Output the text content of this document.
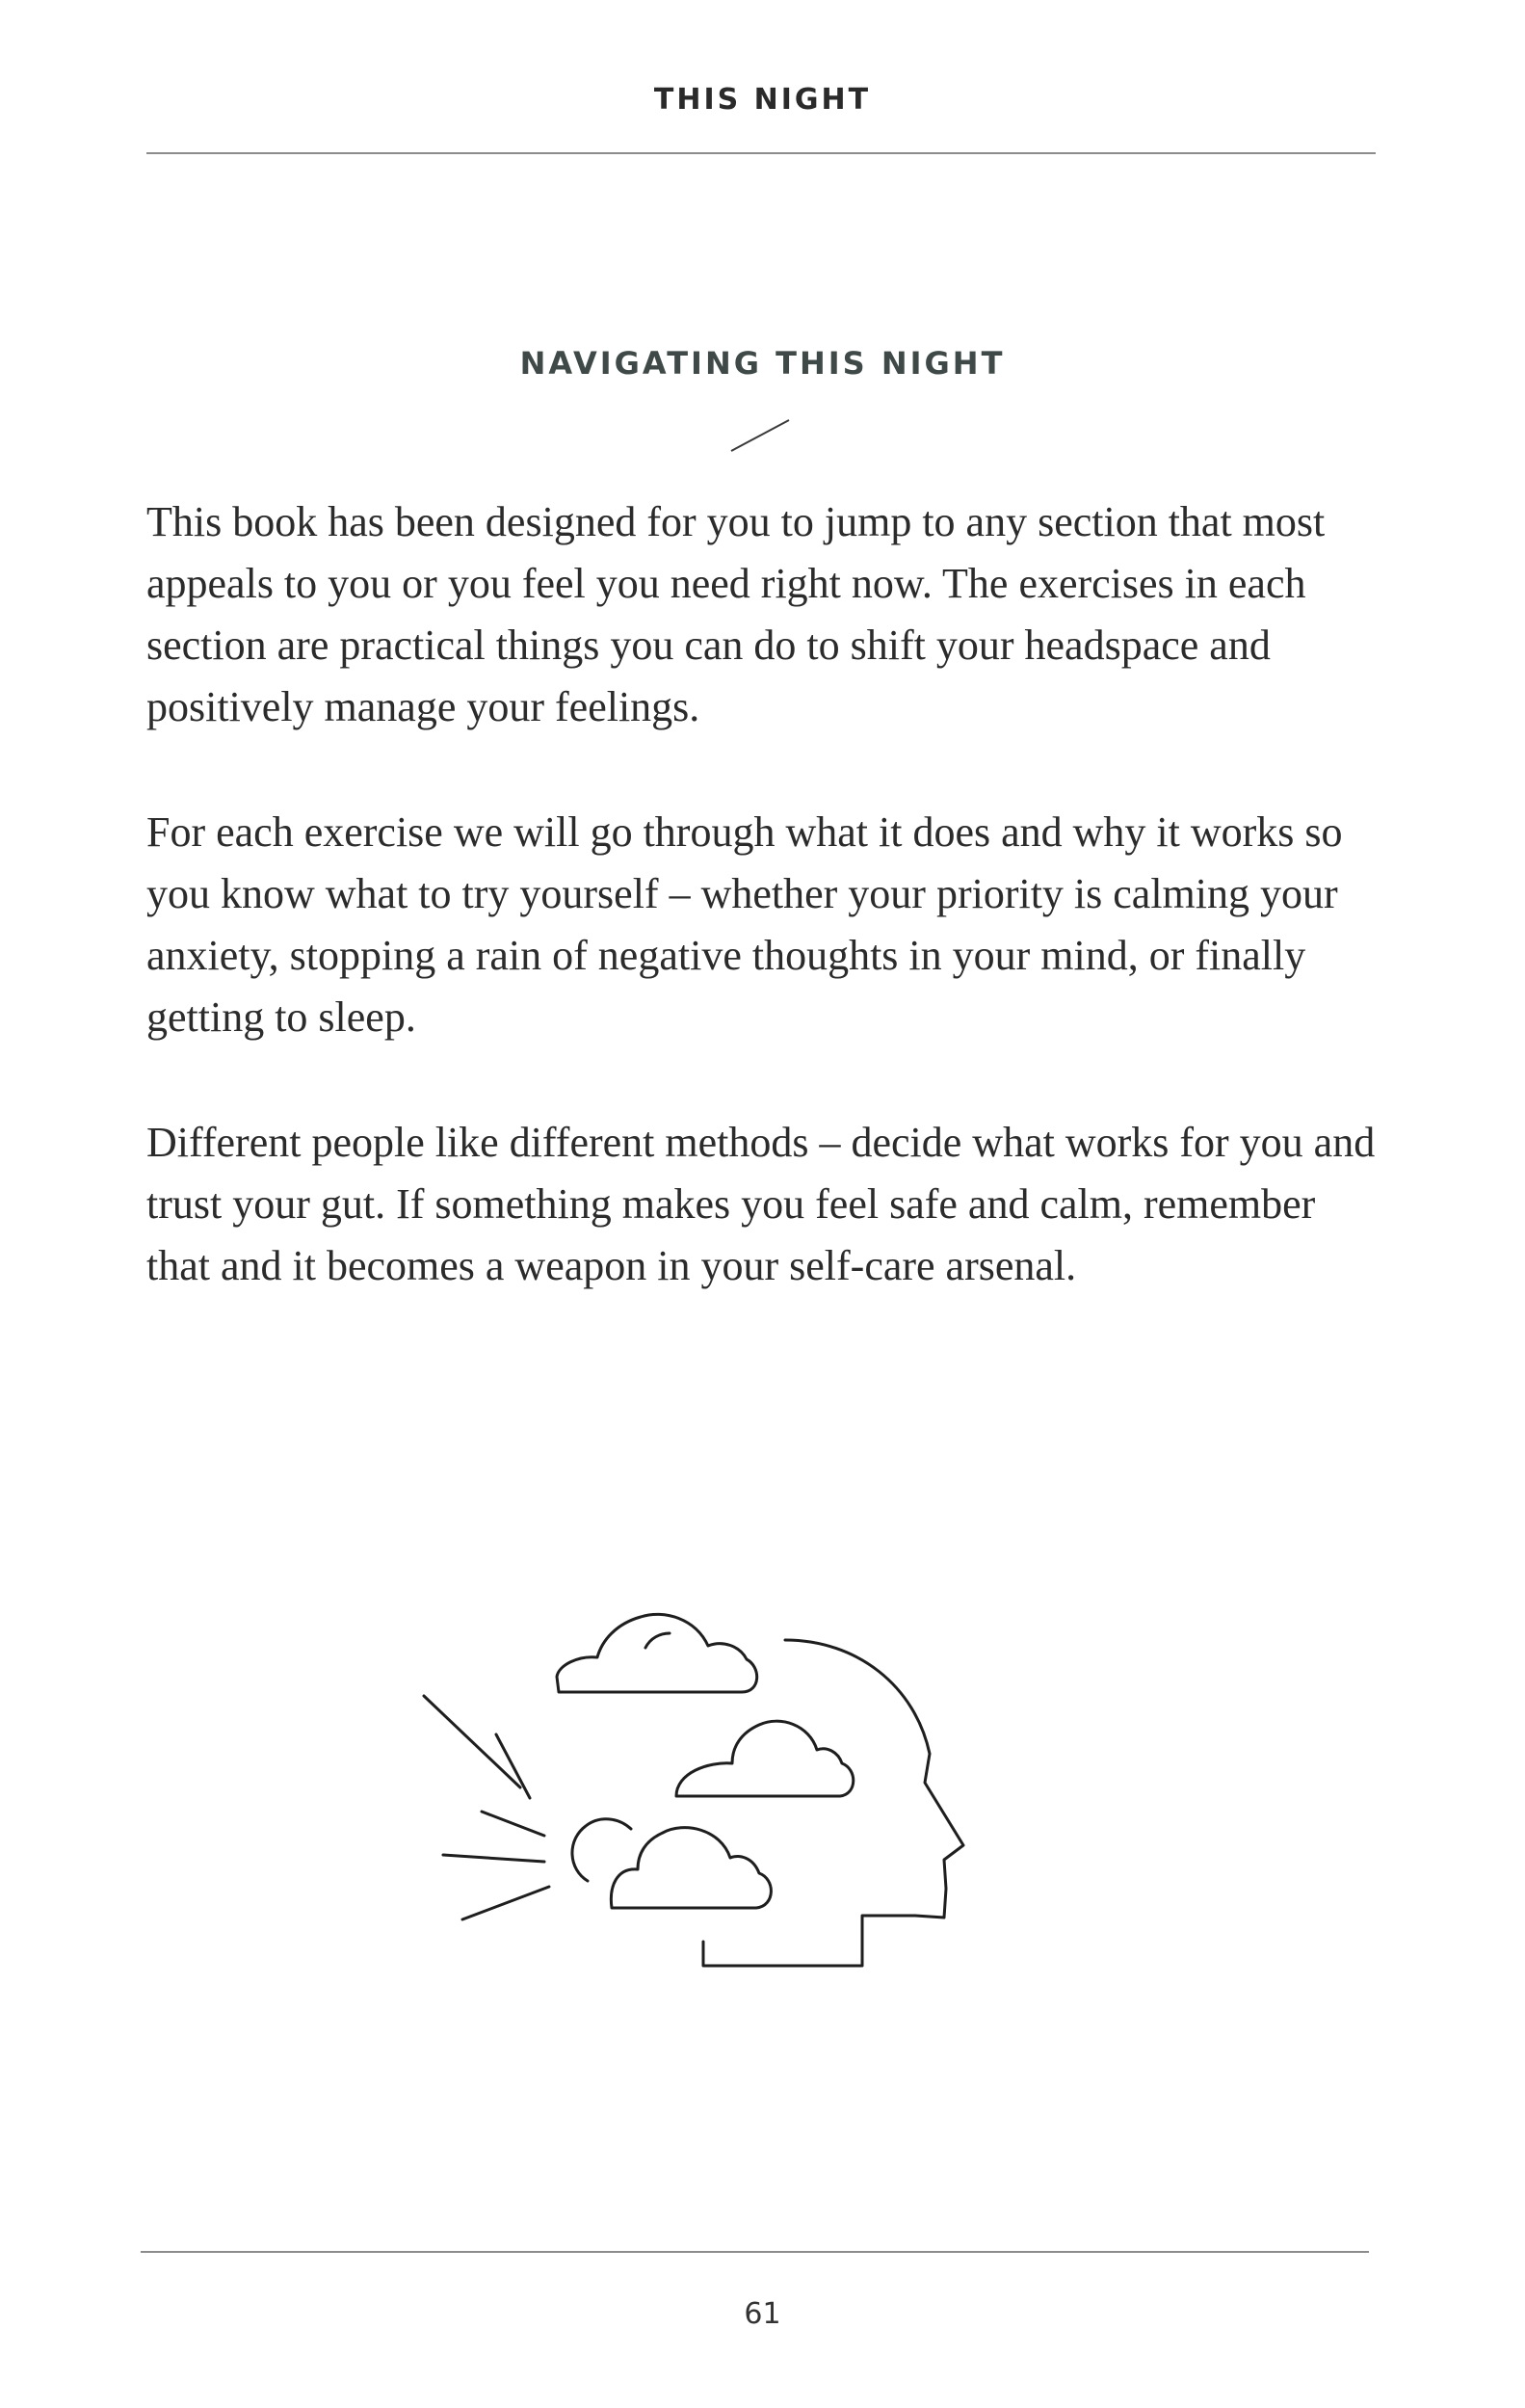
THIS NIGHT
NAVIGATING THIS NIGHT

This book has been designed for you to jump to any section that most appeals to you or you feel you need right now. The exercises in each section are practical things you can do to shift your headspace and positively manage your feelings.

For each exercise we will go through what it does and why it works so you know what to try yourself – whether your priority is calming your anxiety, stopping a rain of negative thoughts in your mind, or finally getting to sleep.

Different people like different methods – decide what works for you and trust your gut. If something makes you feel safe and calm, remember that and it becomes a weapon in your self-care arsenal.

61
